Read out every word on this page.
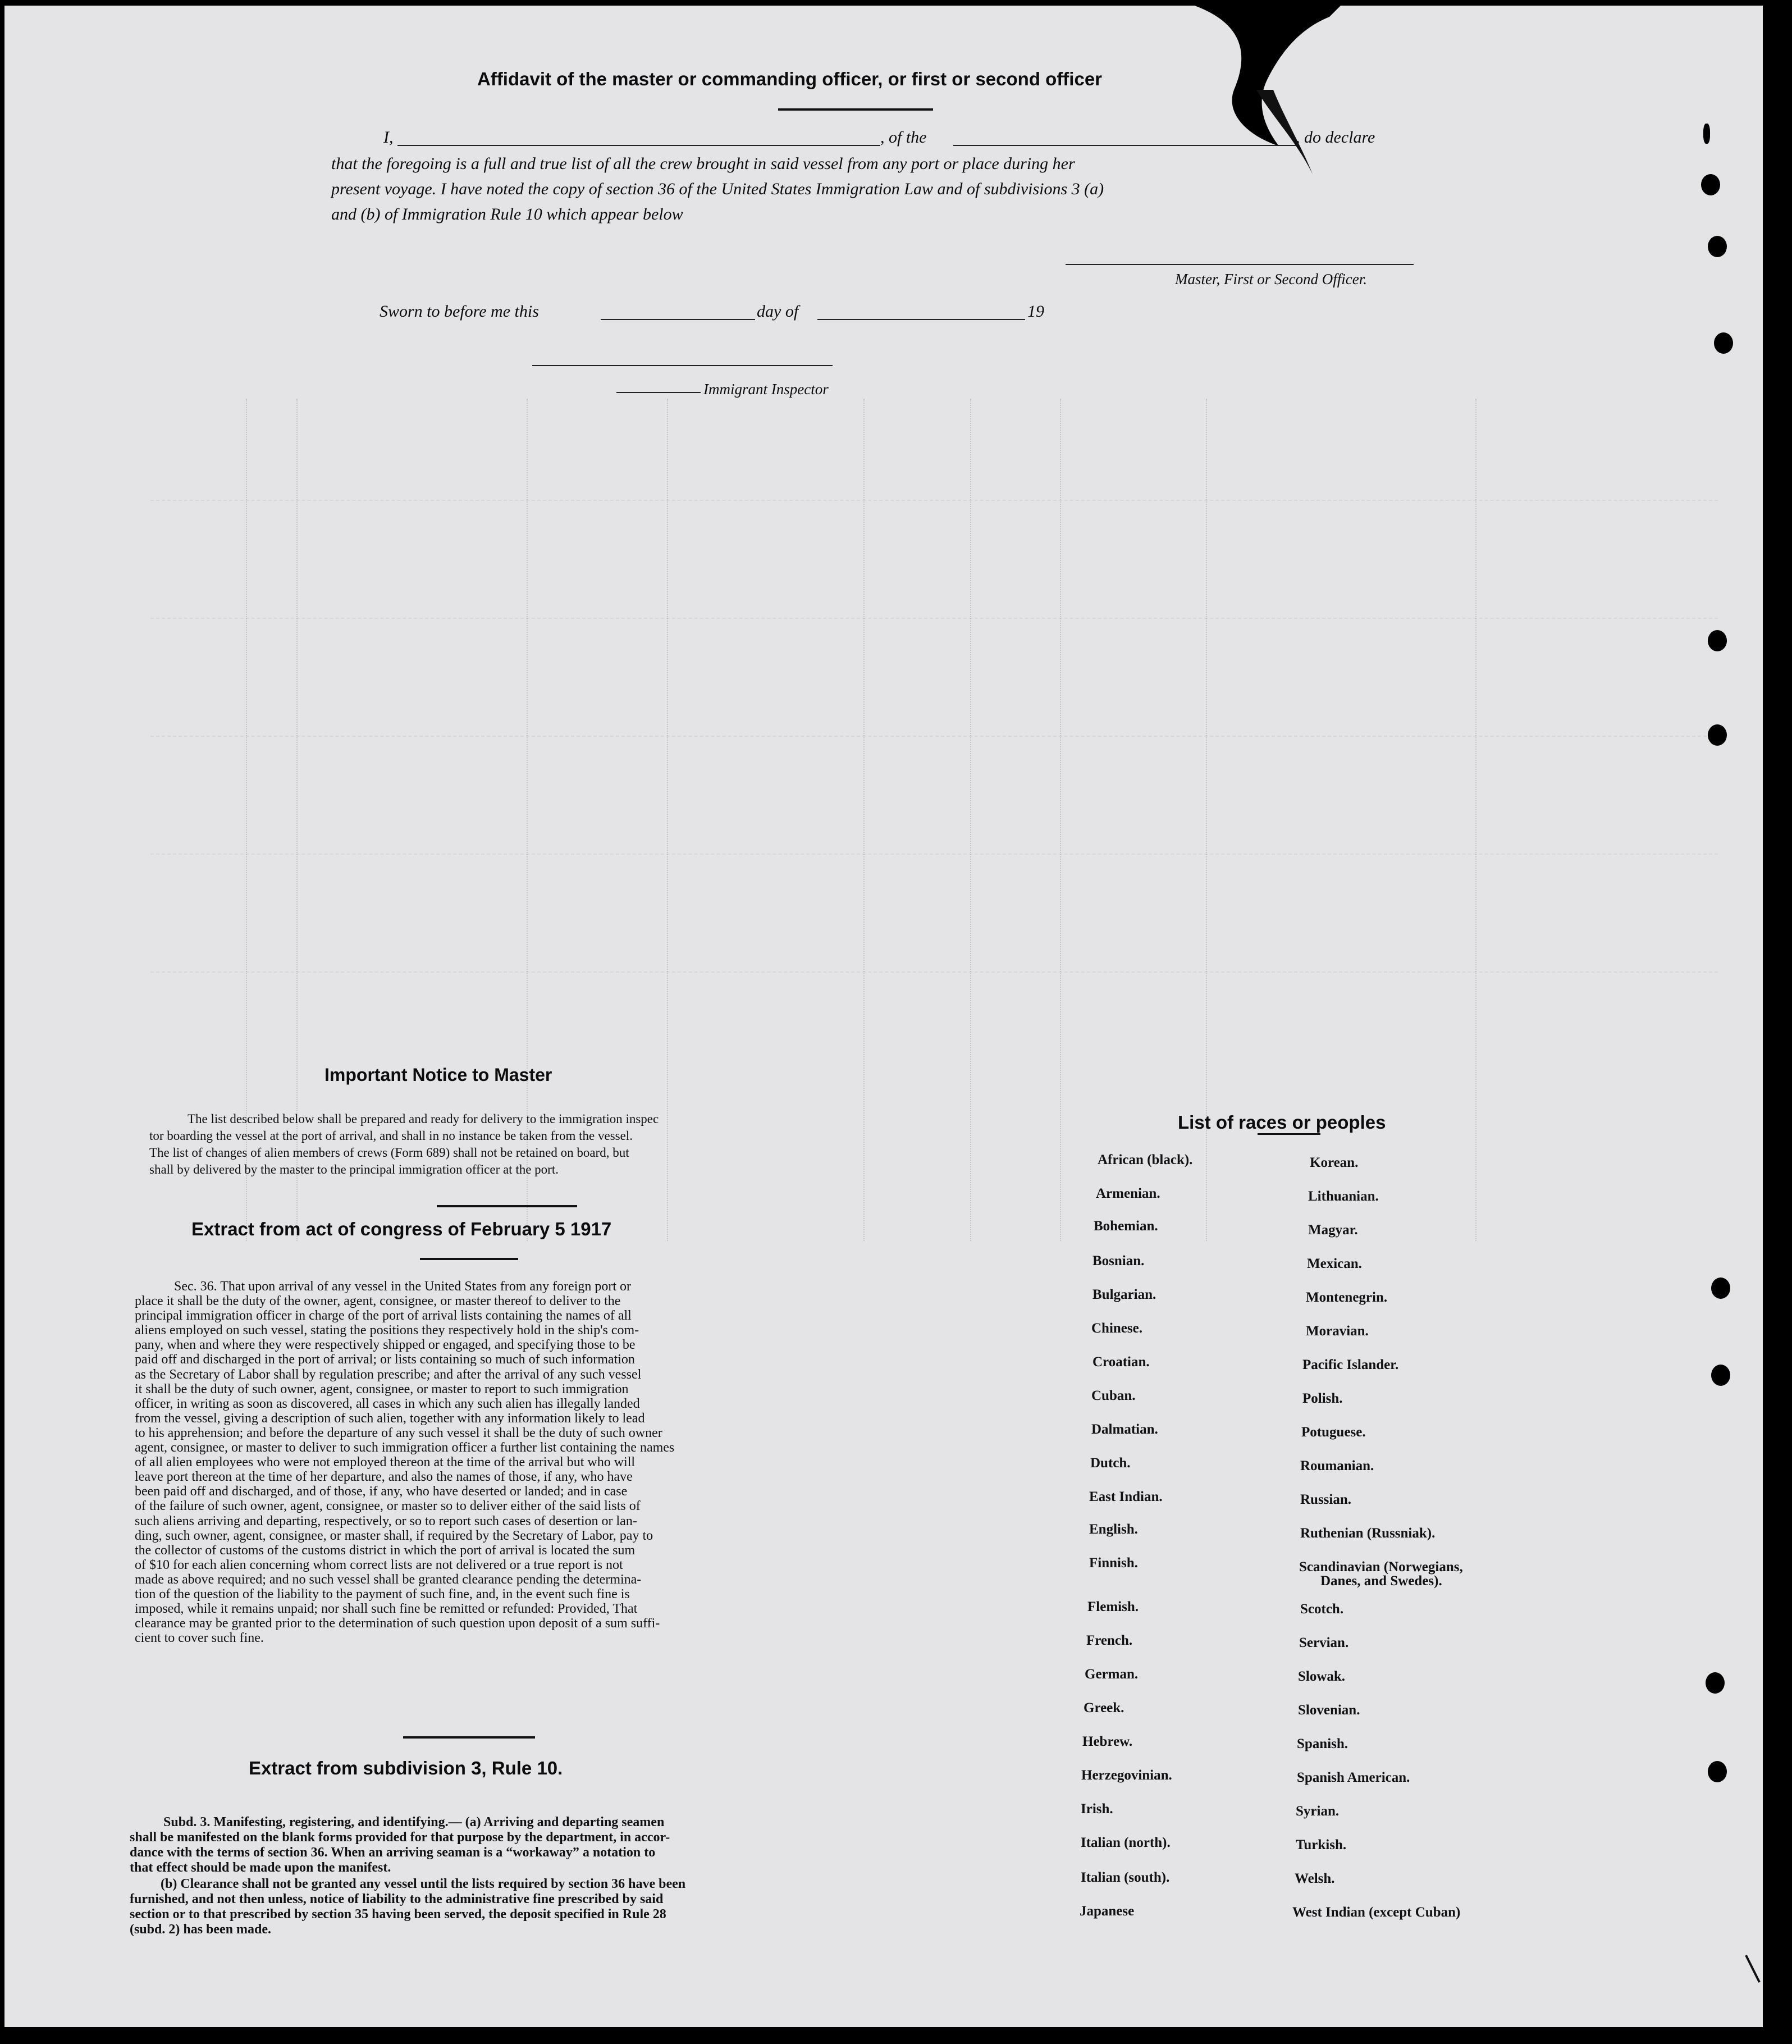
Affidavit of the master or commanding officer, or first or second officer
I,	, of the	, do declare
that the foregoing is a full and true list of all the crew brought in said vessel from any port or place during her
present voyage. I have noted the copy of section 36 of the United States Immigration Law and of subdivisions 3 (a)
and (b) of Immigration Rule 10 which appear below
Master, First or Second Officer.
Sworn to before me this	day of	19
Immigrant Inspector
Important Notice to Master
The list described below shall be prepared and ready for delivery to the immigration inspec
tor boarding the vessel at the port of arrival, and shall in no instance be taken from the vessel.
The list of changes of alien members of crews (Form 689) shall not be retained on board, but
shall by delivered by the master to the principal immigration officer at the port.
Extract from act of congress of February 5 1917
Sec. 36. That upon arrival of any vessel in the United States from any foreign port or
place it shall be the duty of the owner, agent, consignee, or master thereof to deliver to the
principal immigration officer in charge of the port of arrival lists containing the names of all
aliens employed on such vessel, stating the positions they respectively hold in the ship's com-
pany, when and where they were respectively shipped or engaged, and specifying those to be
paid off and discharged in the port of arrival; or lists containing so much of such information
as the Secretary of Labor shall by regulation prescribe; and after the arrival of any such vessel
it shall be the duty of such owner, agent, consignee, or master to report to such immigration
officer, in writing as soon as discovered, all cases in which any such alien has illegally landed
from the vessel, giving a description of such alien, together with any information likely to lead
to his apprehension; and before the departure of any such vessel it shall be the duty of such owner
agent, consignee, or master to deliver to such immigration officer a further list containing the names
of all alien employees who were not employed thereon at the time of the arrival but who will
leave port thereon at the time of her departure, and also the names of those, if any, who have
been paid off and discharged, and of those, if any, who have deserted or landed; and in case
of the failure of such owner, agent, consignee, or master so to deliver either of the said lists of
such aliens arriving and departing, respectively, or so to report such cases of desertion or lan-
ding, such owner, agent, consignee, or master shall, if required by the Secretary of Labor, pay to
the collector of customs of the customs district in which the port of arrival is located the sum
of $10 for each alien concerning whom correct lists are not delivered or a true report is not
made as above required; and no such vessel shall be granted clearance pending the determina-
tion of the question of the liability to the payment of such fine, and, in the event such fine is
imposed, while it remains unpaid; nor shall such fine be remitted or refunded: Provided, That
clearance may be granted prior to the determination of such question upon deposit of a sum suffi-
cient to cover such fine.
Extract from subdivision 3, Rule 10.
Subd. 3. Manifesting, registering, and identifying.— (a) Arriving and departing seamen
shall be manifested on the blank forms provided for that purpose by the department, in accor-
dance with the terms of section 36. When an arriving seaman is a “workaway” a notation to
that effect should be made upon the manifest.
(b) Clearance shall not be granted any vessel until the lists required by section 36 have been
furnished, and not then unless, notice of liability to the administrative fine prescribed by said
section or to that prescribed by section 35 having been served, the deposit specified in Rule 28
(subd. 2) has been made.
List of races or peoples
African (black).
Armenian.
Bohemian.
Bosnian.
Bulgarian.
Chinese.
Croatian.
Cuban.
Dalmatian.
Dutch.
East Indian.
English.
Finnish.
Flemish.
French.
German.
Greek.
Hebrew.
Herzegovinian.
Irish.
Italian (north).
Italian (south).
Japanese
Korean.
Lithuanian.
Magyar.
Mexican.
Montenegrin.
Moravian.
Pacific Islander.
Polish.
Potuguese.
Roumanian.
Russian.
Ruthenian (Russniak).
Scandinavian (Norwegians,
Danes, and Swedes).
Scotch.
Servian.
Slowak.
Slovenian.
Spanish.
Spanish American.
Syrian.
Turkish.
Welsh.
West Indian (except Cuban)
